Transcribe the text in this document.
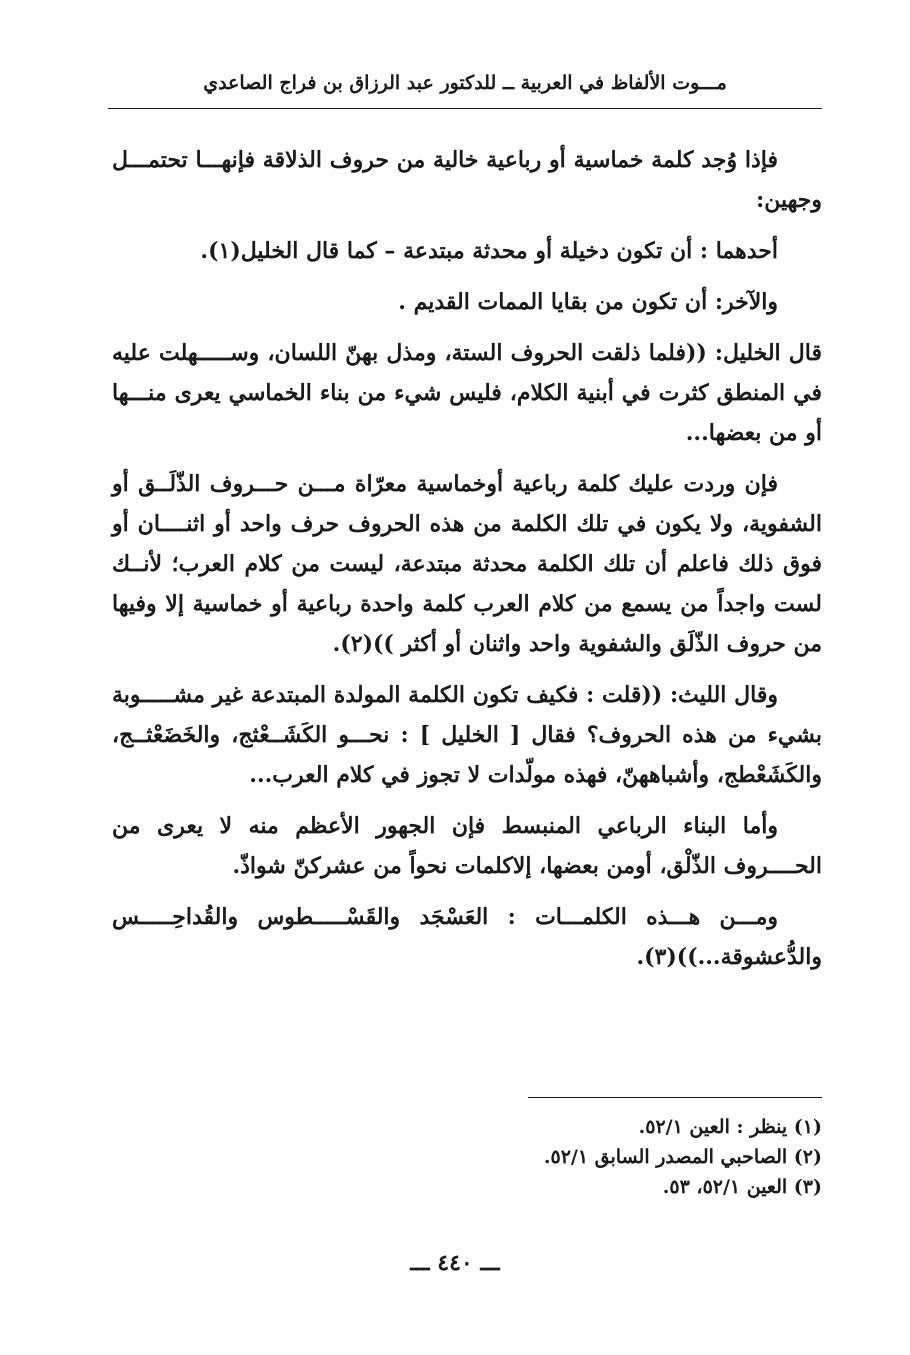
مـــوت الألفاظ في العربية ــ للدكتور عبد الرزاق بن فراج الصاعدي

فإذا وُجد كلمة خماسية أو رباعية خالية من حروف الذلاقة فإنهـــا تحتمـــل وجهين:

أحدهما : أن تكون دخيلة أو محدثة مبتدعة – كما قال الخليل(١).

والآخر: أن تكون من بقايا الممات القديم .

قال الخليل: ((فلما ذلقت الحروف الستة، ومذل بهنّ اللسان، وســـــهلت عليه في المنطق كثرت في أبنية الكلام، فليس شيء من بناء الخماسي يعرى منـــها أو من بعضها...

فإن وردت عليك كلمة رباعية أوخماسية معرّاة مـــن حـــروف الذّلَــق أو الشفوية، ولا يكون في تلك الكلمة من هذه الحروف حرف واحد أو اثنــــان أو فوق ذلك فاعلم أن تلك الكلمة محدثة مبتدعة، ليست من كلام العرب؛ لأنــك لست واجداً من يسمع من كلام العرب كلمة واحدة رباعية أو خماسية إلا وفيها من حروف الذّلَق والشفوية واحد واثنان أو أكثر ))(٢).

وقال الليث: ((قلت : فكيف تكون الكلمة المولدة المبتدعة غير مشـــــوبة بشيء من هذه الحروف؟ فقال [ الخليل ] : نحـــو الكَشَــعْثج، والخَضَعْثــج، والكَشَعْطج، وأشباههنّ، فهذه مولّدات لا تجوز في كلام العرب...

وأما البناء الرباعي المنبسط فإن الجهور الأعظم منه لا يعرى من الحــــروف الذّلْق، أومن بعضها، إلاكلمات نحواً من عشركنّ شواذّ.

ومـــن هـــذه الكلمـــات : العَسْجَد والقَسْـــــطوس والقُداحِـــــس والدُّعشوقة...))(٣).

(١) ينظر : العين ٥٢/١.

(٢) الصاحبي المصدر السابق ٥٢/١.

(٣) العين ٥٢/١، ٥٣.

ـــ ٤٤٠ ـــ
